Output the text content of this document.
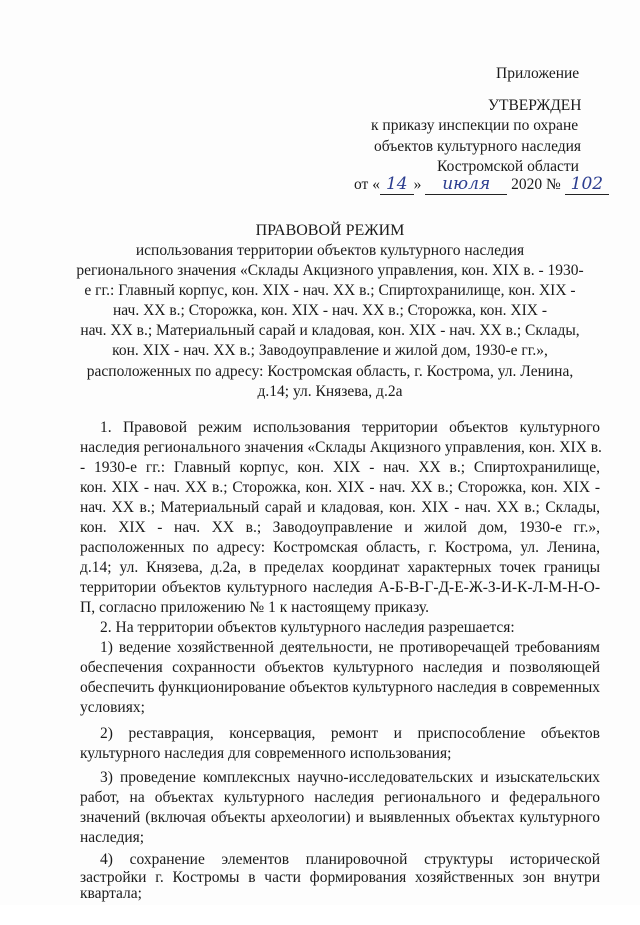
Приложение
УТВЕРЖДЕН
к приказу инспекции по охране
объектов культурного наследия
Костромской области
от « 14 » июля 2020 № 102
ПРАВОВОЙ РЕЖИМ
использования территории объектов культурного наследия
регионального значения «Склады Акцизного управления, кон. XIX в. - 1930-
е гг.: Главный корпус, кон. XIX - нач. XX в.; Спиртохранилище, кон. XIX -
нач. XX в.; Сторожка, кон. XIX - нач. XX в.; Сторожка, кон. XIX -
нач. XX в.; Материальный сарай и кладовая, кон. XIX - нач. XX в.; Склады,
кон. XIX - нач. XX в.; Заводоуправление и жилой дом, 1930-е гг.»,
расположенных по адресу: Костромская область, г. Кострома, ул. Ленина,
д.14; ул. Князева, д.2а
1. Правовой режим использования территории объектов культурного
наследия регионального значения «Склады Акцизного управления, кон. XIX в.
- 1930-е гг.: Главный корпус, кон. XIX - нач. XX в.; Спиртохранилище,
кон. XIX - нач. XX в.; Сторожка, кон. XIX - нач. XX в.; Сторожка, кон. XIX -
нач. XX в.; Материальный сарай и кладовая, кон. XIX - нач. XX в.; Склады,
кон. XIX - нач. XX в.; Заводоуправление и жилой дом, 1930-е гг.»,
расположенных по адресу: Костромская область, г. Кострома, ул. Ленина,
д.14; ул. Князева, д.2а, в пределах координат характерных точек границы
территории объектов культурного наследия А-Б-В-Г-Д-Е-Ж-З-И-К-Л-М-Н-О-
П, согласно приложению № 1 к настоящему приказу.
2. На территории объектов культурного наследия разрешается:
1) ведение хозяйственной деятельности, не противоречащей требованиям
обеспечения сохранности объектов культурного наследия и позволяющей
обеспечить функционирование объектов культурного наследия в современных
условиях;
2) реставрация, консервация, ремонт и приспособление объектов
культурного наследия для современного использования;
3) проведение комплексных научно-исследовательских и изыскательских
работ, на объектах культурного наследия регионального и федерального
значений (включая объекты археологии) и выявленных объектах культурного
наследия;
4) сохранение элементов планировочной структуры исторической
застройки г. Костромы в части формирования хозяйственных зон внутри
квартала;
